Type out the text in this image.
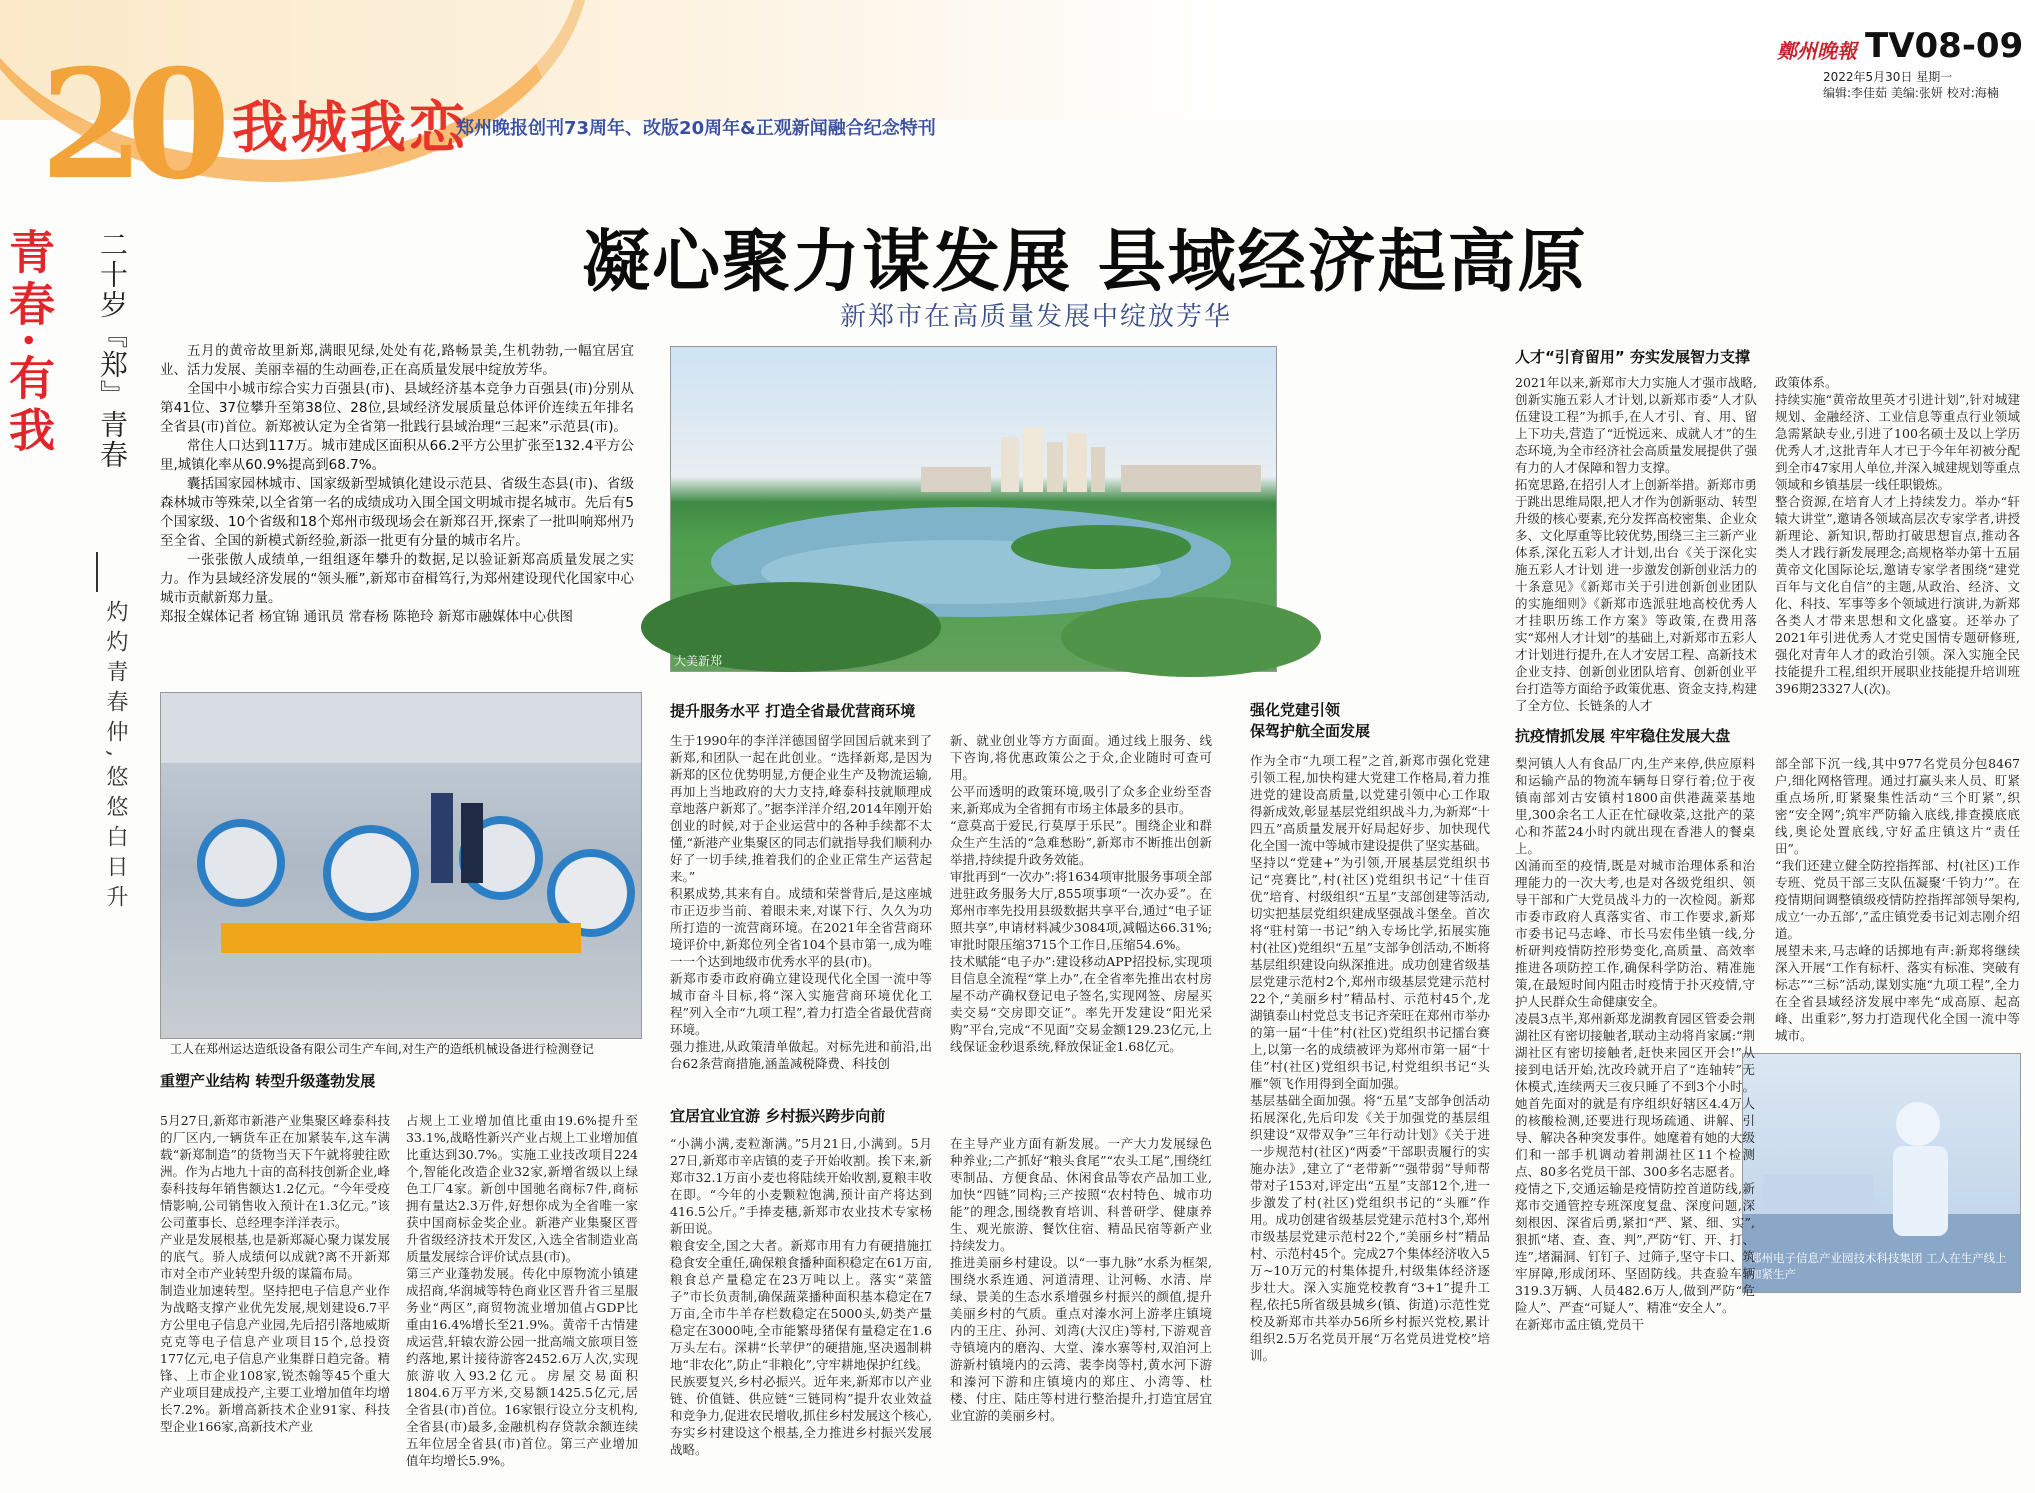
20 我城我恋
郑州晚报创刊73周年、改版20周年&正观新闻融合纪念特刊
鄭州晚報 TV08-09
2022年5月30日 星期一
编辑:李佳茹 美编:张妍 校对:海楠
青春·有我 二十岁『郑』青春
灼灼青春仲,悠悠白日升
凝心聚力谋发展 县域经济起高原
新郑市在高质量发展中绽放芳华

五月的黄帝故里新郑,满眼见绿,处处有花,路畅景美,生机勃勃,一幅宜居宜业、活力发展、美丽幸福的生动画卷,正在高质量发展中绽放芳华。

全国中小城市综合实力百强县(市)、县域经济基本竞争力百强县(市)分别从第41位、37位攀升至第38位、28位,县域经济发展质量总体评价连续五年排名全省县(市)首位。新郑被认定为全省第一批践行县域治理“三起来”示范县(市)。

常住人口达到117万。城市建成区面积从66.2平方公里扩张至132.4平方公里,城镇化率从60.9%提高到68.7%。

囊括国家园林城市、国家级新型城镇化建设示范县、省级生态县(市)、省级森林城市等殊荣,以全省第一名的成绩成功入围全国文明城市提名城市。先后有5个国家级、10个省级和18个郑州市级现场会在新郑召开,探索了一批叫响郑州乃至全省、全国的新模式新经验,新添一批更有分量的城市名片。

一张张傲人成绩单,一组组逐年攀升的数据,足以验证新郑高质量发展之实力。作为县域经济发展的“领头雁”,新郑市奋楫笃行,为郑州建设现代化国家中心城市贡献新郑力量。

郑报全媒体记者 杨宜锦 通讯员 常春杨 陈艳玲 新郑市融媒体中心供图

大美新郑
工人在郑州运达造纸设备有限公司生产车间,对生产的造纸机械设备进行检测登记
郑州电子信息产业园技术科技集团 工人在生产线上加紧生产
重塑产业结构 转型升级蓬勃发展
5月27日,新郑市新港产业集聚区峰泰科技的厂区内,一辆货车正在加紧装车,这车满载“新郑制造”的货物当天下午就将驶往欧洲。作为占地九十亩的高科技创新企业,峰泰科技每年销售额达1.2亿元。“今年受疫情影响,公司销售收入预计在1.3亿元。”该公司董事长、总经理李洋洋表示。
产业是发展根基,也是新郑凝心聚力谋发展的底气。骄人成绩何以成就?离不开新郑市对全市产业转型升级的谋篇布局。
制造业加速转型。坚持把电子信息产业作为战略支撑产业优先发展,规划建设6.7平方公里电子信息产业园,先后招引落地威斯克克等电子信息产业项目15个,总投资177亿元,电子信息产业集群日趋完备。精锋、上市企业108家,锐杰翰等45个重大产业项目建成投产,主要工业增加值年均增长7.2%。新增高新技术企业91家、科技型企业166家,高新技术产业
占规上工业增加值比重由19.6%提升至33.1%,战略性新兴产业占规上工业增加值比重达到30.7%。实施工业技改项目224个,智能化改造企业32家,新增省级以上绿色工厂4家。新创中国驰名商标7件,商标拥有量达2.3万件,好想你成为全省唯一家获中国商标金奖企业。新港产业集聚区晋升省级经济技术开发区,入选全省制造业高质量发展综合评价试点县(市)。
第三产业蓬勃发展。传化中原物流小镇建成招商,华润城等特色商业区晋升省三星服务业“两区”,商贸物流业增加值占GDP比重由16.4%增长至21.9%。黄帝千古情建成运营,轩辕农游公园一批高端文旅项目签约落地,累计接待游客2452.6万人次,实现旅游收入93.2亿元。房屋交易面积1804.6万平方米,交易额1425.5亿元,居全省县(市)首位。16家银行设立分支机构,全省县(市)最多,金融机构存贷款余额连续五年位居全省县(市)首位。第三产业增加值年均增长5.9%。
提升服务水平 打造全省最优营商环境
生于1990年的李洋洋德国留学回国后就来到了新郑,和团队一起在此创业。“选择新郑,是因为新郑的区位优势明显,方便企业生产及物流运输,再加上当地政府的大力支持,峰泰科技就顺理成章地落户新郑了。”据李洋洋介绍,2014年刚开始创业的时候,对于企业运营中的各种手续都不太懂,“新港产业集聚区的同志们就指导我们顺利办好了一切手续,推着我们的企业正常生产运营起来。”
积累成势,其来有自。成绩和荣誉背后,是这座城市正迈步当前、着眼未来,对谋下行、久久为功所打造的一流营商环境。在2021年全省营商环境评价中,新郑位列全省104个县市第一,成为唯一一个达到地级市优秀水平的县(市)。
新郑市委市政府确立建设现代化全国一流中等城市奋斗目标,将“深入实施营商环境优化工程”列入全市“九项工程”,着力打造全省最优营商环境。
强力推进,从政策清单做起。对标先进和前沿,出台62条营商措施,涵盖减税降费、科技创
新、就业创业等方方面面。通过线上服务、线下咨询,将优惠政策公之于众,企业随时可查可用。
公平而透明的政策环境,吸引了众多企业纷至沓来,新郑成为全省拥有市场主体最多的县市。
“意莫高于爱民,行莫厚于乐民”。围绕企业和群众生产生活的“急难愁盼”,新郑市不断推出创新举措,持续提升政务效能。
审批再到“一次办”:将1634项审批服务事项全部进驻政务服务大厅,855项事项“一次办妥”。在郑州市率先投用县级数据共享平台,通过“电子证照共享”,申请材料减少3084项,减幅达66.31%;审批时限压缩3715个工作日,压缩54.6%。
技术赋能“电子办”:建设移动APP招投标,实现项目信息全流程“掌上办”,在全省率先推出农村房屋不动产确权登记电子签名,实现网签、房屋买卖交易“交房即交证”。率先开发建设“阳光采购”平台,完成“不见面”交易金额129.23亿元,上线保证金秒退系统,释放保证金1.68亿元。
宜居宜业宜游 乡村振兴跨步向前
“小满小满,麦粒渐满。”5月21日,小满到。5月27日,新郑市辛店镇的麦子开始收割。挨下来,新郑市32.1万亩小麦也将陆续开始收割,夏粮丰收在即。“今年的小麦颗粒饱满,预计亩产将达到416.5公斤。”手捧麦穗,新郑市农业技术专家杨新田说。
粮食安全,国之大者。新郑市用有力有硬措施扛稳食安全重任,确保粮食播种面积稳定在61万亩,粮食总产量稳定在23万吨以上。落实“菜篮子”市长负责制,确保蔬菜播种面积基本稳定在7万亩,全市牛羊存栏数稳定在5000头,奶类产量稳定在3000吨,全市能繁母猪保有量稳定在1.6万头左右。深耕“长苹伊”的硬措施,坚决遏制耕地“非农化”,防止“非粮化”,守牢耕地保护红线。
民族要复兴,乡村必振兴。近年来,新郑市以产业链、价值链、供应链“三链同构”提升农业效益和竞争力,促进农民增收,抓住乡村发展这个核心,夯实乡村建设这个根基,全力推进乡村振兴发展战略。
在主导产业方面有新发展。一产大力发展绿色种养业;二产抓好“粮头食尾”“农头工尾”,围绕红枣制品、方便食品、休闲食品等农产品加工业,加快“四链”同构;三产按照“农村特色、城市功能”的理念,围绕教育培训、科普研学、健康养生、观光旅游、餐饮住宿、精品民宿等新产业持续发力。
推进美丽乡村建设。以“一事九脉”水系为框架,围绕水系连通、河道清理、让河畅、水清、岸绿、景美的生态水系增强乡村振兴的颜值,提升美丽乡村的气质。重点对溱水河上游孝庄镇境内的王庄、孙河、刘湾(大汉庄)等村,下游观音寺镇境内的磨沟、大堂、溱水寨等村,双洎河上游新村镇境内的云湾、裴李岗等村,黄水河下游和溱河下游和庄镇境内的郑庄、小湾等、杜楼、付庄、陆庄等村进行整治提升,打造宜居宜业宜游的美丽乡村。
强化党建引领
保驾护航全面发展
作为全市“九项工程”之首,新郑市强化党建引领工程,加快构建大党建工作格局,着力推进党的建设高质量,以党建引领中心工作取得新成效,彰显基层党组织战斗力,为新郑“十四五”高质量发展开好局起好步、加快现代化全国一流中等城市建设提供了坚实基础。
坚持以“党建+”为引领,开展基层党组织书记“亮赛比”,村(社区)党组织书记“十佳百优”培育、村级组织“五星”支部创建等活动,切实把基层党组织建成坚强战斗堡垒。首次将“驻村第一书记”纳入专场比学,拓展实施村(社区)党组织“五星”支部争创活动,不断将基层组织建设向纵深推进。成功创建省级基层党建示范村2个,郑州市级基层党建示范村22个,“美丽乡村”精品村、示范村45个,龙湖镇泰山村党总支书记齐荣旺在郑州市举办的第一届“十佳”村(社区)党组织书记擂台赛上,以第一名的成绩被评为郑州市第一届“十佳”村(社区)党组织书记,村党组织书记“头雁”领飞作用得到全面加强。
基层基础全面加强。将“五星”支部争创活动拓展深化,先后印发《关于加强党的基层组织建设“双带双争”三年行动计划》《关于进一步规范村(社区)“两委”干部职责履行的实施办法》,建立了“老带新”“强带弱”导师帮带对子153对,评定出“五星”支部12个,进一步激发了村(社区)党组织书记的“头雁”作用。成功创建省级基层党建示范村3个,郑州市级基层党建示范村22个,“美丽乡村”精品村、示范村45个。完成27个集体经济收入5万~10万元的村集体提升,村级集体经济逐步壮大。深入实施党校教育“3+1”提升工程,依托5所省级县城乡(镇、街道)示范性党校及新郑市共举办56所乡村振兴党校,累计组织2.5万名党员开展“万名党员进党校”培训。
人才“引育留用” 夯实发展智力支撑
2021年以来,新郑市大力实施人才强市战略,创新实施五彩人才计划,以新郑市委“人才队伍建设工程”为抓手,在人才引、育、用、留上下功夫,营造了“近悦远来、成就人才”的生态环境,为全市经济社会高质量发展提供了强有力的人才保障和智力支撑。
拓宽思路,在招引人才上创新举措。新郑市勇于跳出思维局限,把人才作为创新驱动、转型升级的核心要素,充分发挥高校密集、企业众多、文化厚重等比较优势,围绕三主三新产业体系,深化五彩人才计划,出台《关于深化实施五彩人才计划 进一步激发创新创业活力的十条意见》《新郑市关于引进创新创业团队的实施细则》《新郑市选派驻地高校优秀人才挂职历练工作方案》等政策,在费用落实“郑州人才计划”的基础上,对新郑市五彩人才计划进行提升,在人才安居工程、高新技术企业支持、创新创业团队培育、创新创业平台打造等方面给予政策优惠、资金支持,构建了全方位、长链条的人才
政策体系。
持续实施“黄帝故里英才引进计划”,针对城建规划、金融经济、工业信息等重点行业领域急需紧缺专业,引进了100名硕士及以上学历优秀人才,这批青年人才已于今年年初被分配到全市47家用人单位,并深入城建规划等重点领域和乡镇基层一线任职锻炼。
整合资源,在培育人才上持续发力。举办“轩辕大讲堂”,邀请各领域高层次专家学者,讲授新理论、新知识,帮助打破思想盲点,推动各类人才践行新发展理念;高规格举办第十五届黄帝文化国际论坛,邀请专家学者围绕“建党百年与文化自信”的主题,从政治、经济、文化、科技、军事等多个领域进行演讲,为新郑各类人才带来思想和文化盛宴。还举办了2021年引进优秀人才党史国情专题研修班,强化对青年人才的政治引领。深入实施全民技能提升工程,组织开展职业技能提升培训班396期23327人(次)。
抗疫情抓发展 牢牢稳住发展大盘
梨河镇人人有食品厂内,生产来停,供应原料和运输产品的物流车辆每日穿行着;位于夜镇南部刘古安镇村1800亩供港蔬菜基地里,300余名工人正在忙碌收菜,这批产的菜心和芥蓝24小时内就出现在香港人的餐桌上。
凶涌而至的疫情,既是对城市治理体系和治理能力的一次大考,也是对各级党组织、领导干部和广大党员战斗力的一次检阅。新郑市委市政府人真落实省、市工作要求,新郑市委书记马志峰、市长马宏伟坐镇一线,分析研判疫情防控形势变化,高质量、高效率推进各项防控工作,确保科学防治、精准施策,在最短时间内阻击时疫情于扑灭疫情,守护人民群众生命健康安全。
凌晨3点半,郑州新郑龙湖教育园区管委会荆湖社区有密切接触者,联动主动将肖家属:“荆湖社区有密切接触者,赶快来园区开会!”从接到电话开始,沈改玲就开启了“连轴转”无休模式,连续两天三夜只睡了不到3个小时。她首先面对的就是有序组织好辖区4.4万人的核酸检测,还要进行现场疏通、讲解、引导、解决各种突发事件。她麾着有她的大级们和一部手机调动着荆湖社区11个检测点、80多名党员干部、300多名志愿者。
疫情之下,交通运输是疫情防控首道防线,新郑市交通管控专班深度复盘、深度问题,深刻根因、深省后勇,紧扣“严、紧、细、实”,狠抓“堵、查、查、判”,严防“钉、开、打、连”,堵漏洞、钉钉子、过筛子,坚守卡口、筑牢屏障,形成闭环、坚固防线。共查验车辆319.3万辆、人员482.6万人,做到严防“危险人”、严查“可疑人”、精准“安全人”。
在新郑市孟庄镇,党员干
部全部下沉一线,其中977名党员分包8467户,细化网格管理。通过打赢头来人员、盯紧重点场所,盯紧聚集性活动“三个盯紧”,织密“安全网”;筑牢严防输入底线,排查摸底底线,奥论处置底线,守好孟庄镇这片“责任田”。
“我们还建立健全防控指挥部、村(社区)工作专班、党员干部三支队伍凝聚‘千钧力’”。在疫情期间调整镇级疫情防控指挥部领导架构,成立‘一办五部’,”孟庄镇党委书记刘志刚介绍道。
展望未来,马志峰的话掷地有声:新郑将继续深入开展“工作有标杆、落实有标准、突破有标志”“三标”活动,谋划实施“九项工程”,全力在全省县域经济发展中率先“成高原、起高峰、出重彩”,努力打造现代化全国一流中等城市。
